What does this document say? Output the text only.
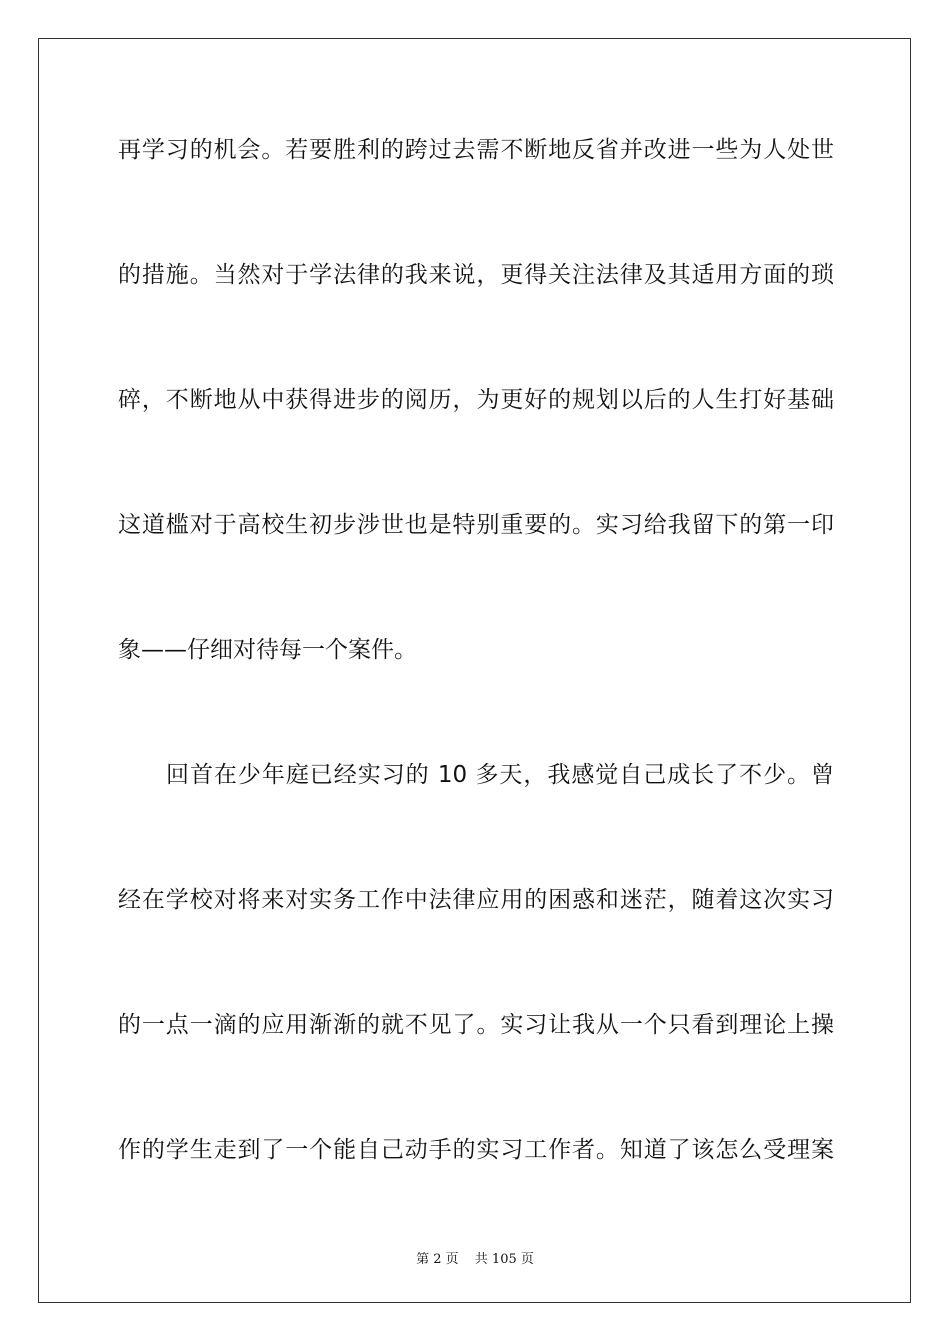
再学习的机会。若要胜利的跨过去需不断地反省并改进一些为人处世
的措施。当然对于学法律的我来说，更得关注法律及其适用方面的琐
碎，不断地从中获得进步的阅历，为更好的规划以后的人生打好基础
这道槛对于高校生初步涉世也是特别重要的。实习给我留下的第一印
象——仔细对待每一个案件。
回首在少年庭已经实习的 10 多天，我感觉自己成长了不少。曾
经在学校对将来对实务工作中法律应用的困惑和迷茫，随着这次实习
的一点一滴的应用渐渐的就不见了。实习让我从一个只看到理论上操
作的学生走到了一个能自己动手的实习工作者。知道了该怎么受理案
第 2 页 共 105 页
